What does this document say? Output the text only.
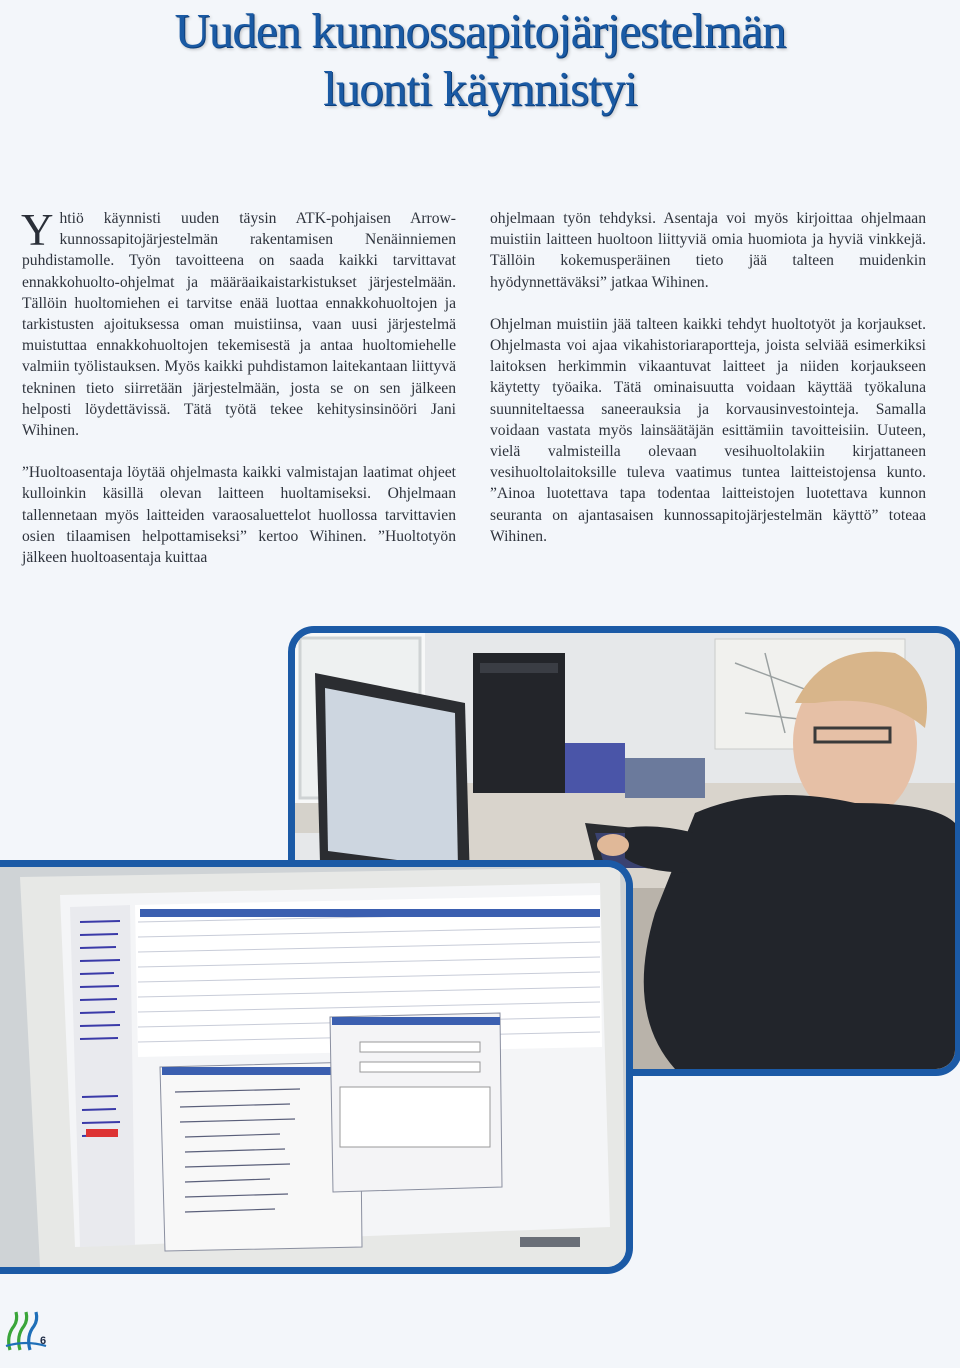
Uuden kunnossapitojärjestelmän
luonti käynnistyi

Yhtiö käynnisti uuden täysin ATK-pohjaisen Arrow-kunnossapitojärjestelmän rakentamisen Nenäinniemen puhdistamolle. Työn tavoitteena on saada kaikki tarvittavat ennakkohuolto-ohjelmat ja määräaikaistarkistukset järjestelmään. Tällöin huoltomiehen ei tarvitse enää luottaa ennakkohuoltojen ja tarkistusten ajoituksessa oman muistiinsa, vaan uusi järjestelmä muistuttaa ennakkohuoltojen tekemisestä ja antaa huoltomiehelle valmiin työlistauksen. Myös kaikki puhdistamon laitekantaan liittyvä tekninen tieto siirretään järjestelmään, josta se on sen jälkeen helposti löydettävissä. Tätä työtä tekee kehitysinsinööri Jani Wihinen.

”Huoltoasentaja löytää ohjelmasta kaikki valmistajan laatimat ohjeet kulloinkin käsillä olevan laitteen huoltamiseksi. Ohjelmaan tallennetaan myös laitteiden varaosaluettelot huollossa tarvittavien osien tilaamisen helpottamiseksi” kertoo Wihinen. ”Huoltotyön jälkeen huoltoasentaja kuittaa

ohjelmaan työn tehdyksi. Asentaja voi myös kirjoittaa ohjelmaan muistiin laitteen huoltoon liittyviä omia huomiota ja hyviä vinkkejä. Tällöin kokemusperäinen tieto jää talteen muidenkin hyödynnettäväksi” jatkaa Wihinen.

Ohjelman muistiin jää talteen kaikki tehdyt huoltotyöt ja korjaukset. Ohjelmasta voi ajaa vikahistoriaraportteja, joista selviää esimerkiksi laitoksen herkimmin vikaantuvat laitteet ja niiden korjaukseen käytetty työaika. Tätä ominaisuutta voidaan käyttää työkaluna suunniteltaessa saneerauksia ja korvausinvestointeja. Samalla voidaan vastata myös lainsäätäjän esittämiin tavoitteisiin. Uuteen, vielä valmisteilla olevaan vesihuoltolakiin kirjattaneen vesihuoltolaitoksille tuleva vaatimus tuntea laitteistojensa kunto. ”Ainoa luotettava tapa todentaa laitteistojen luotettava kunnon seuranta on ajantasaisen kunnossapitojärjestelmän käyttö” toteaa Wihinen.

6
